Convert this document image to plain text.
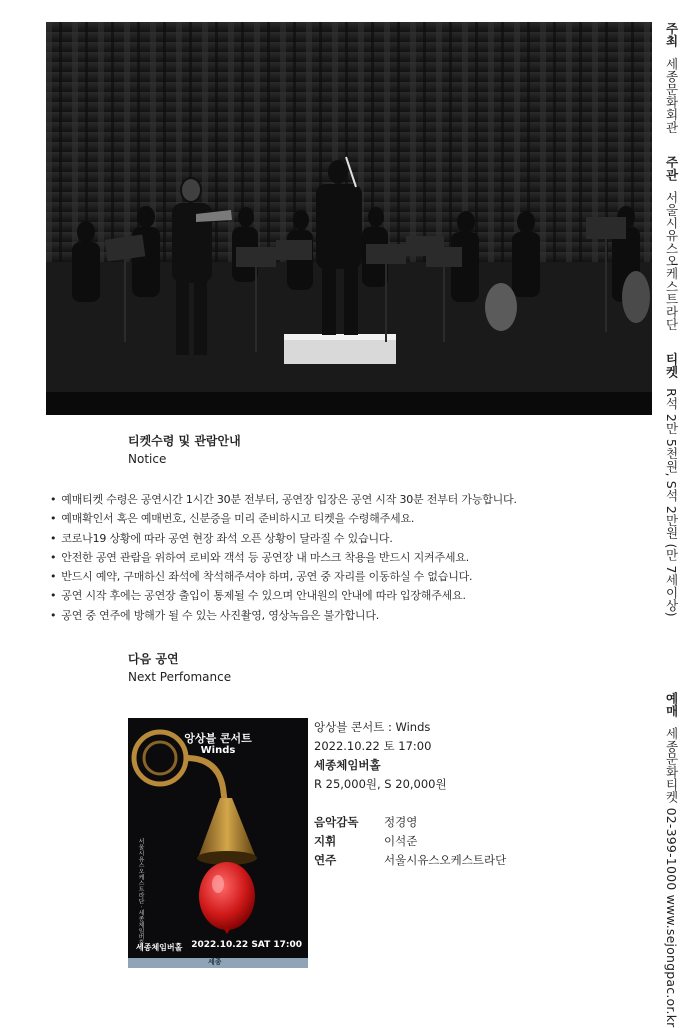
티켓수령 및 관람안내
Notice
• 예매티켓 수령은 공연시간 1시간 30분 전부터, 공연장 입장은 공연 시작 30분 전부터 가능합니다.
• 예매확인서 혹은 예매번호, 신분증을 미리 준비하시고 티켓을 수령해주세요.
• 코로나19 상황에 따라 공연 현장 좌석 오픈 상황이 달라질 수 있습니다.
• 안전한 공연 관람을 위하여 로비와 객석 등 공연장 내 마스크 착용을 반드시 지켜주세요.
• 반드시 예약, 구매하신 좌석에 착석해주셔야 하며, 공연 중 자리를 이동하실 수 없습니다.
• 공연 시작 후에는 공연장 출입이 통제될 수 있으며 안내원의 안내에 따라 입장해주세요.
• 공연 중 연주에 방해가 될 수 있는 사진촬영, 영상녹음은 불가합니다.
다음 공연
Next Perfomance
앙상블 콘서트
Winds
서울시유스오케스트라단 · 세종체임버홀
세종체임버홀 2022.10.22 SAT 17:00
세종
앙상블 콘서트 : Winds
2022.10.22 토 17:00
세종체임버홀
R 25,000원, S 20,000원
음악감독 정경영
지휘	이석준
연주	서울시유스오케스트라단
주최세종문화회관주관서울시유스오케스트라단티켓R석 2만 5천원, S석 2만원 (만 7세이상)예매세종문화티켓 02-399-1000 www.sejongpac.or.kr
